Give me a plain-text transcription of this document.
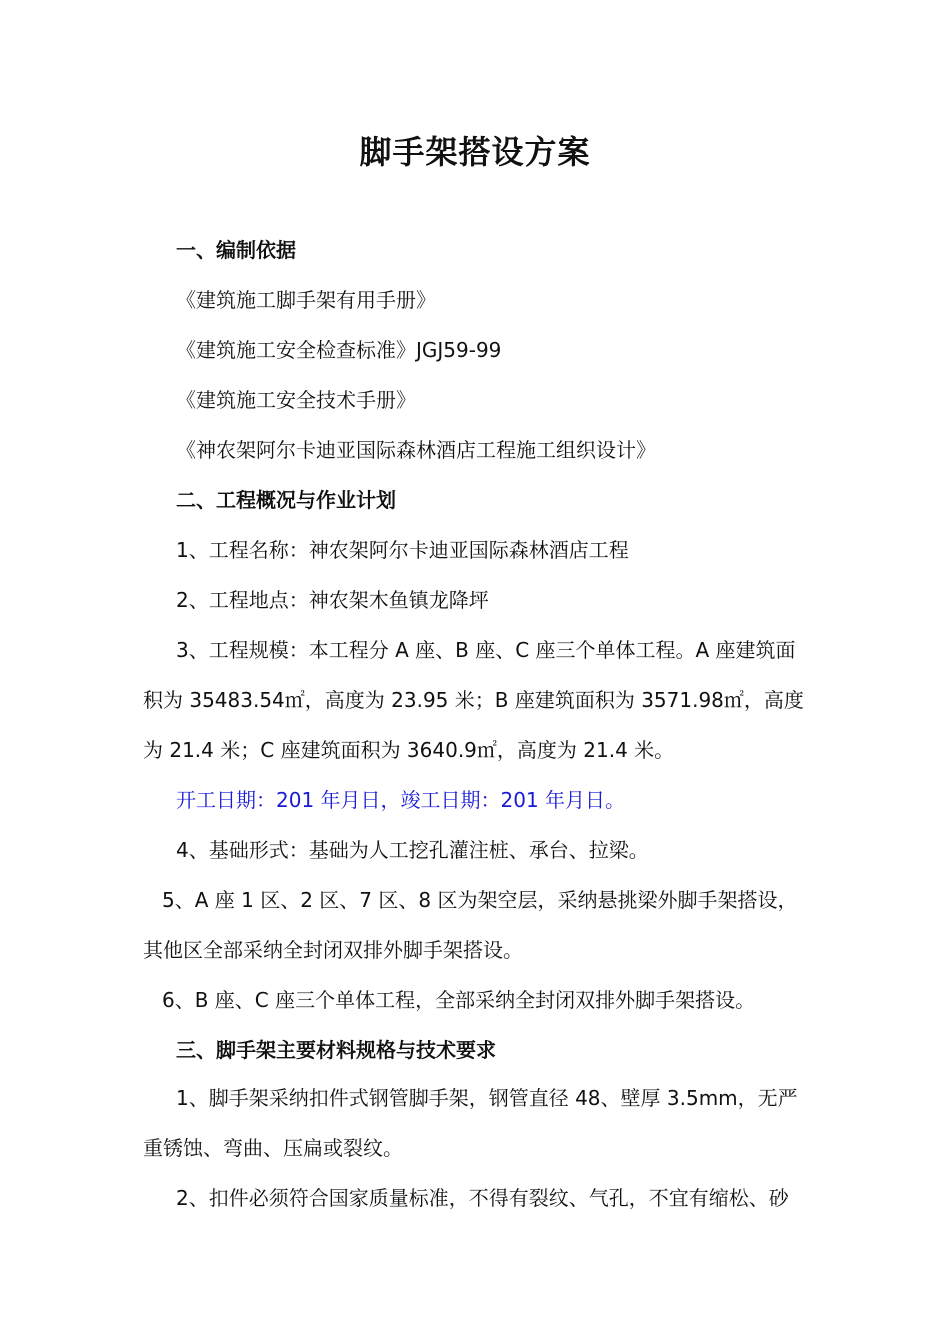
脚手架搭设方案
一、编制依据
《建筑施工脚手架有用手册》
《建筑施工安全检查标准》JGJ59-99
《建筑施工安全技术手册》
《神农架阿尔卡迪亚国际森林酒店工程施工组织设计》
二、工程概况与作业计划
1、工程名称：神农架阿尔卡迪亚国际森林酒店工程
2、工程地点：神农架木鱼镇龙降坪
3、工程规模：本工程分 A 座、B 座、C 座三个单体工程。A 座建筑面
积为 35483.54㎡，高度为 23.95 米；B 座建筑面积为 3571.98㎡，高度
为 21.4 米；C 座建筑面积为 3640.9㎡，高度为 21.4 米。
开工日期：201 年月日，竣工日期：201 年月日。
4、基础形式：基础为人工挖孔灌注桩、承台、拉梁。
5、A 座 1 区、2 区、7 区、8 区为架空层，采纳悬挑梁外脚手架搭设，
其他区全部采纳全封闭双排外脚手架搭设。
6、B 座、C 座三个单体工程，全部采纳全封闭双排外脚手架搭设。
三、脚手架主要材料规格与技术要求
1、脚手架采纳扣件式钢管脚手架，钢管直径 48、壁厚 3.5mm，无严
重锈蚀、弯曲、压扁或裂纹。
2、扣件必须符合国家质量标准，不得有裂纹、气孔，不宜有缩松、砂
